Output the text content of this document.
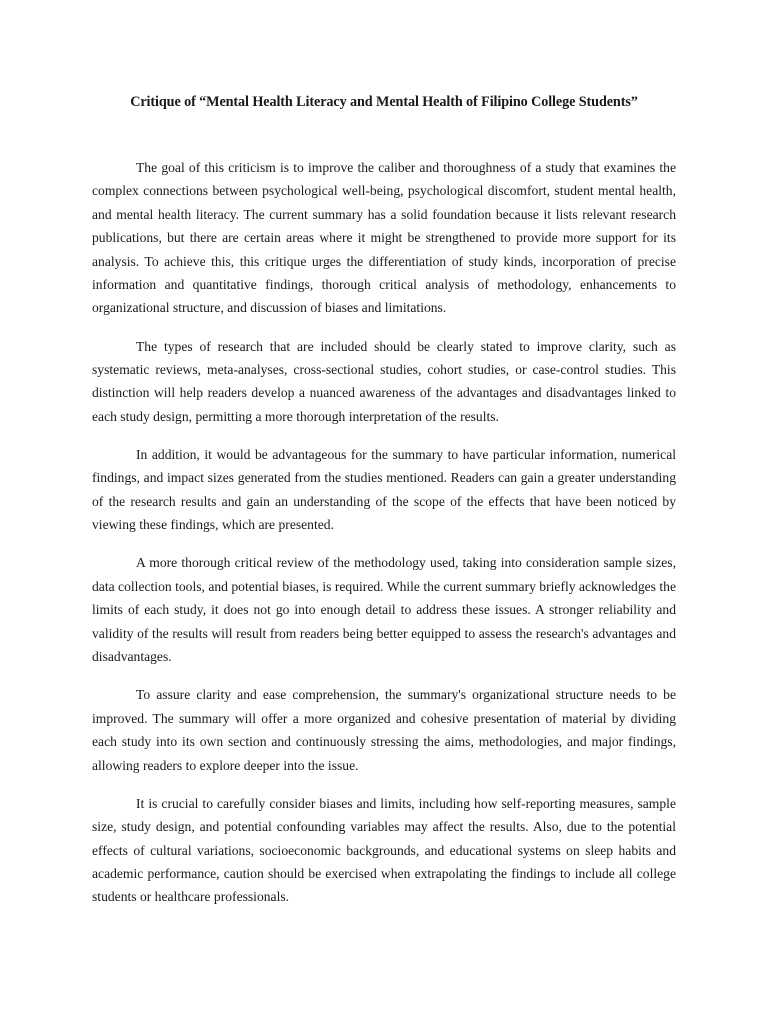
Critique of “Mental Health Literacy and Mental Health of Filipino College Students”

The goal of this criticism is to improve the caliber and thoroughness of a study that examines the complex connections between psychological well-being, psychological discomfort, student mental health, and mental health literacy. The current summary has a solid foundation because it lists relevant research publications, but there are certain areas where it might be strengthened to provide more support for its analysis. To achieve this, this critique urges the differentiation of study kinds, incorporation of precise information and quantitative findings, thorough critical analysis of methodology, enhancements to organizational structure, and discussion of biases and limitations.

The types of research that are included should be clearly stated to improve clarity, such as systematic reviews, meta-analyses, cross-sectional studies, cohort studies, or case-control studies. This distinction will help readers develop a nuanced awareness of the advantages and disadvantages linked to each study design, permitting a more thorough interpretation of the results.

In addition, it would be advantageous for the summary to have particular information, numerical findings, and impact sizes generated from the studies mentioned. Readers can gain a greater understanding of the research results and gain an understanding of the scope of the effects that have been noticed by viewing these findings, which are presented.

A more thorough critical review of the methodology used, taking into consideration sample sizes, data collection tools, and potential biases, is required. While the current summary briefly acknowledges the limits of each study, it does not go into enough detail to address these issues. A stronger reliability and validity of the results will result from readers being better equipped to assess the research's advantages and disadvantages.

To assure clarity and ease comprehension, the summary's organizational structure needs to be improved. The summary will offer a more organized and cohesive presentation of material by dividing each study into its own section and continuously stressing the aims, methodologies, and major findings, allowing readers to explore deeper into the issue.

It is crucial to carefully consider biases and limits, including how self-reporting measures, sample size, study design, and potential confounding variables may affect the results. Also, due to the potential effects of cultural variations, socioeconomic backgrounds, and educational systems on sleep habits and academic performance, caution should be exercised when extrapolating the findings to include all college students or healthcare professionals.
